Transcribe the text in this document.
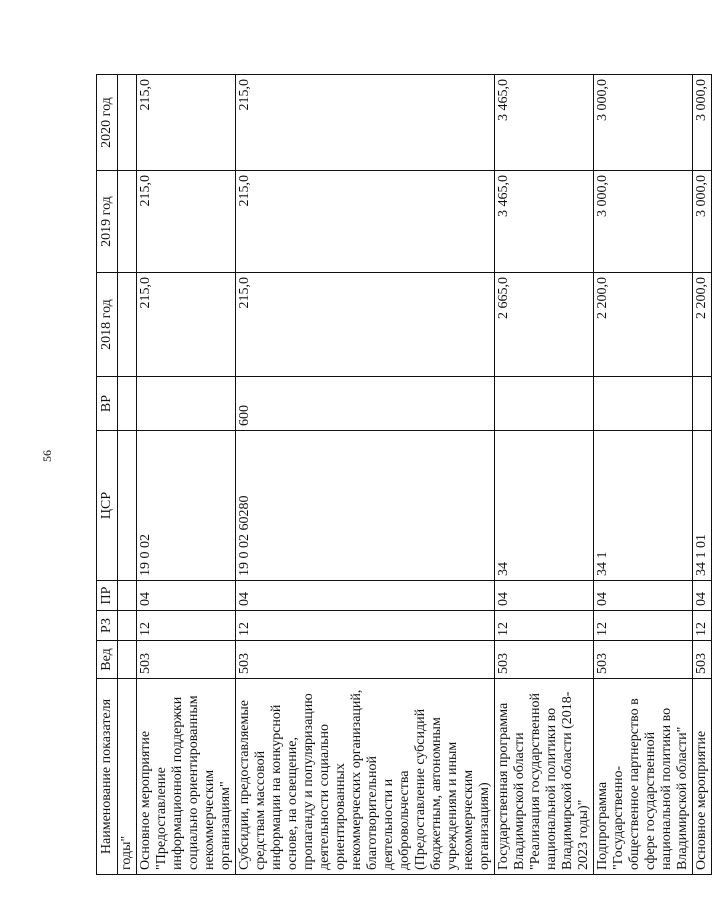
56
Наименование показателя	Вед	РЗ	ПР	ЦСР	ВР	2018 год	2019 год	2020 год
годы"								
Основное мероприятие "Предоставление информационной поддержки социально ориентированным некоммерческим организациям"	503	12	04	19 0 02		215,0	215,0	215,0
Субсидии, предоставляемые средствам массовой информации на конкурсной основе, на освещение, пропаганду и популяризацию деятельности социально ориентированных некоммерческих организаций, благотворительной деятельности и добровольчества (Предоставление субсидий бюджетным, автономным учреждениям и иным некоммерческим организациям)	503	12	04	19 0 02 60280	600	215,0	215,0	215,0
Государственная программа Владимирской области "Реализация государственной национальной политики во Владимирской области (2018-2023 годы)"	503	12	04	34		2 665,0	3 465,0	3 465,0
Подпрограмма "Государственно-общественное партнерство в сфере государственной национальной политики во Владимирской области"	503	12	04	34 1		2 200,0	3 000,0	3 000,0
Основное мероприятие	503	12	04	34 1 01		2 200,0	3 000,0	3 000,0
